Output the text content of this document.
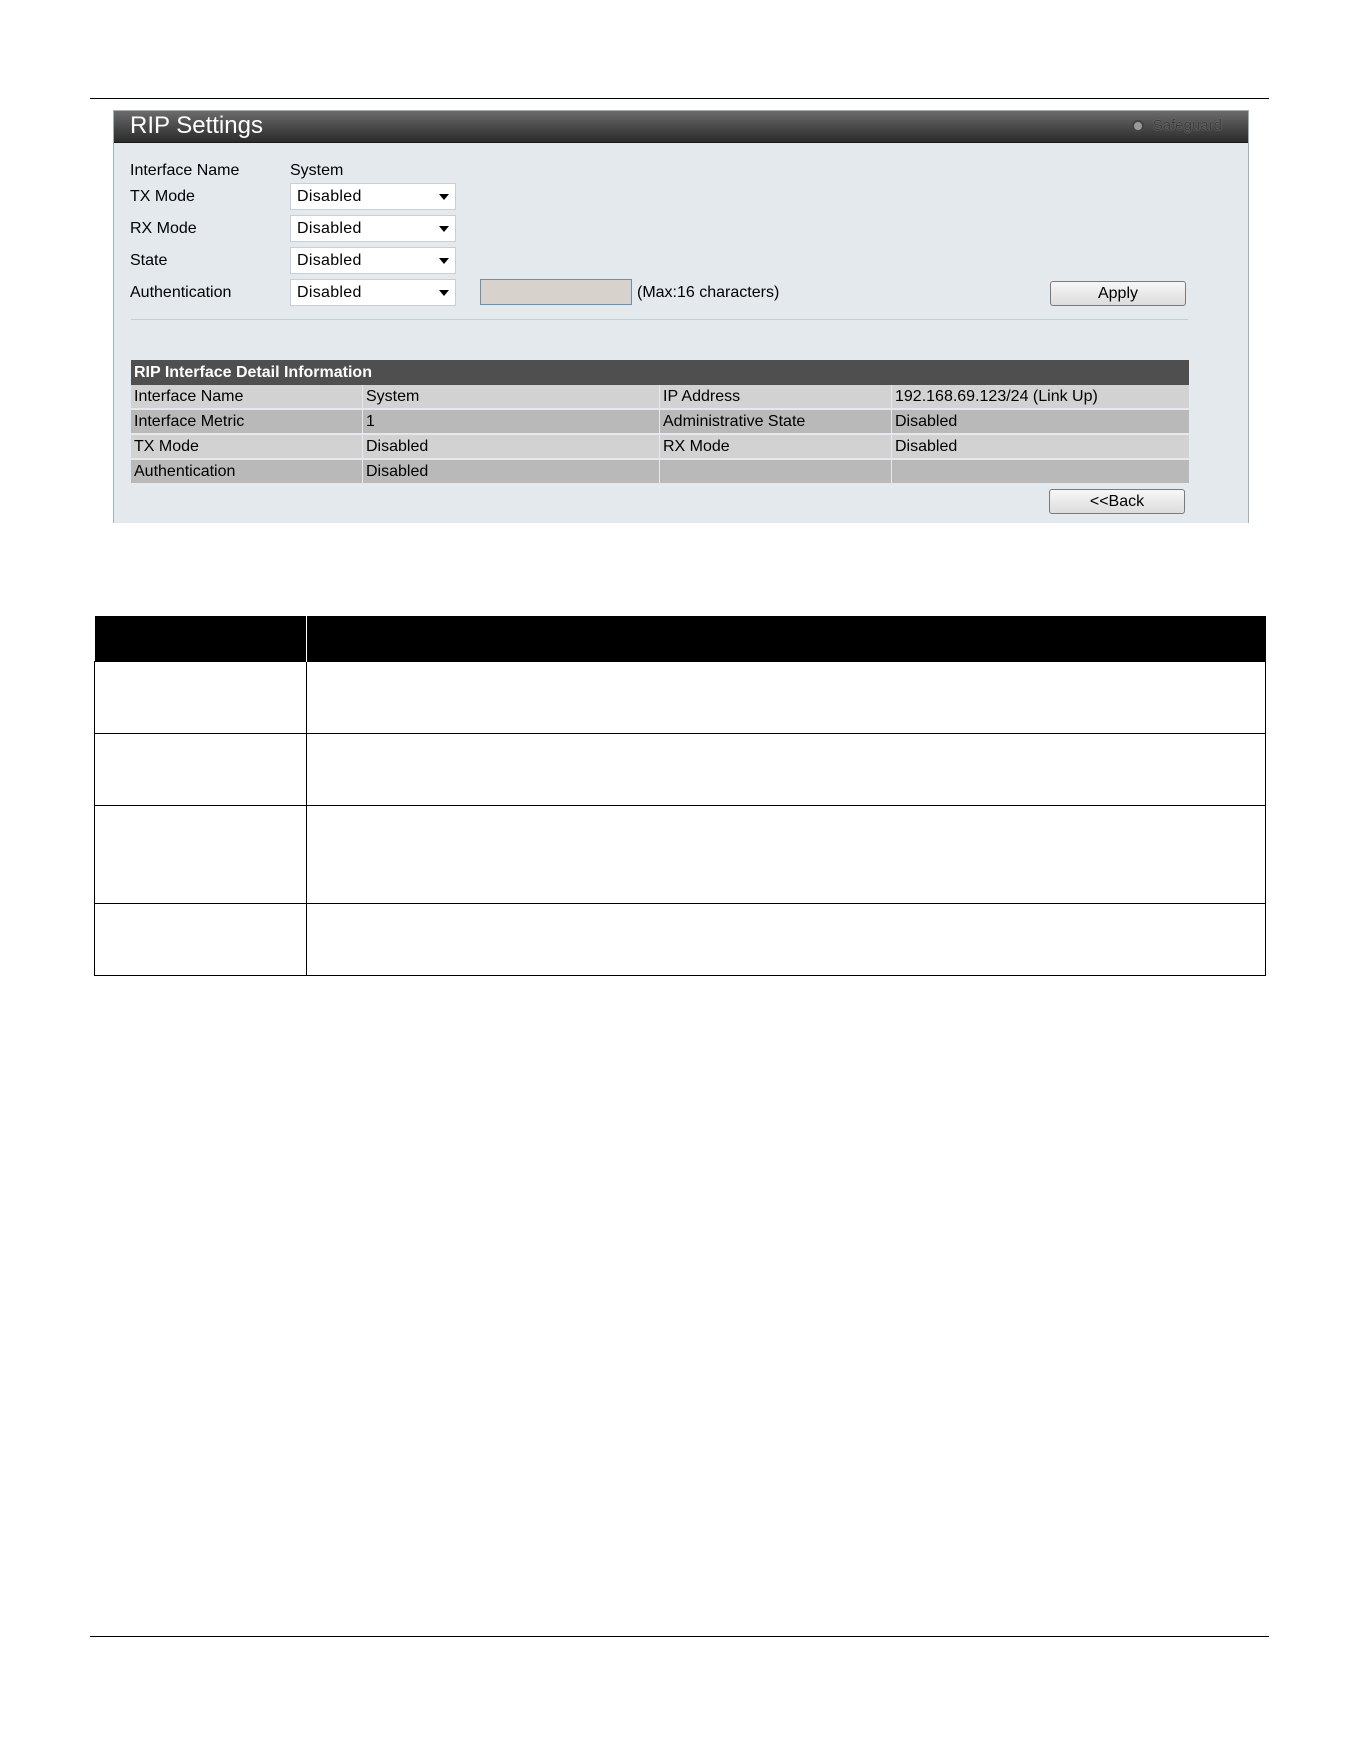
RIP Settings	Safeguard
Interface Name	System
TX Mode	Disabled
RX Mode	Disabled
State	Disabled
Authentication	Disabled	(Max:16 characters)	Apply
RIP Interface Detail Information			
Interface Name	System	IP Address	192.168.69.123/24 (Link Up)
Interface Metric	1	Administrative State	Disabled
TX Mode	Disabled	RX Mode	Disabled
Authentication	Disabled		
<<Back
